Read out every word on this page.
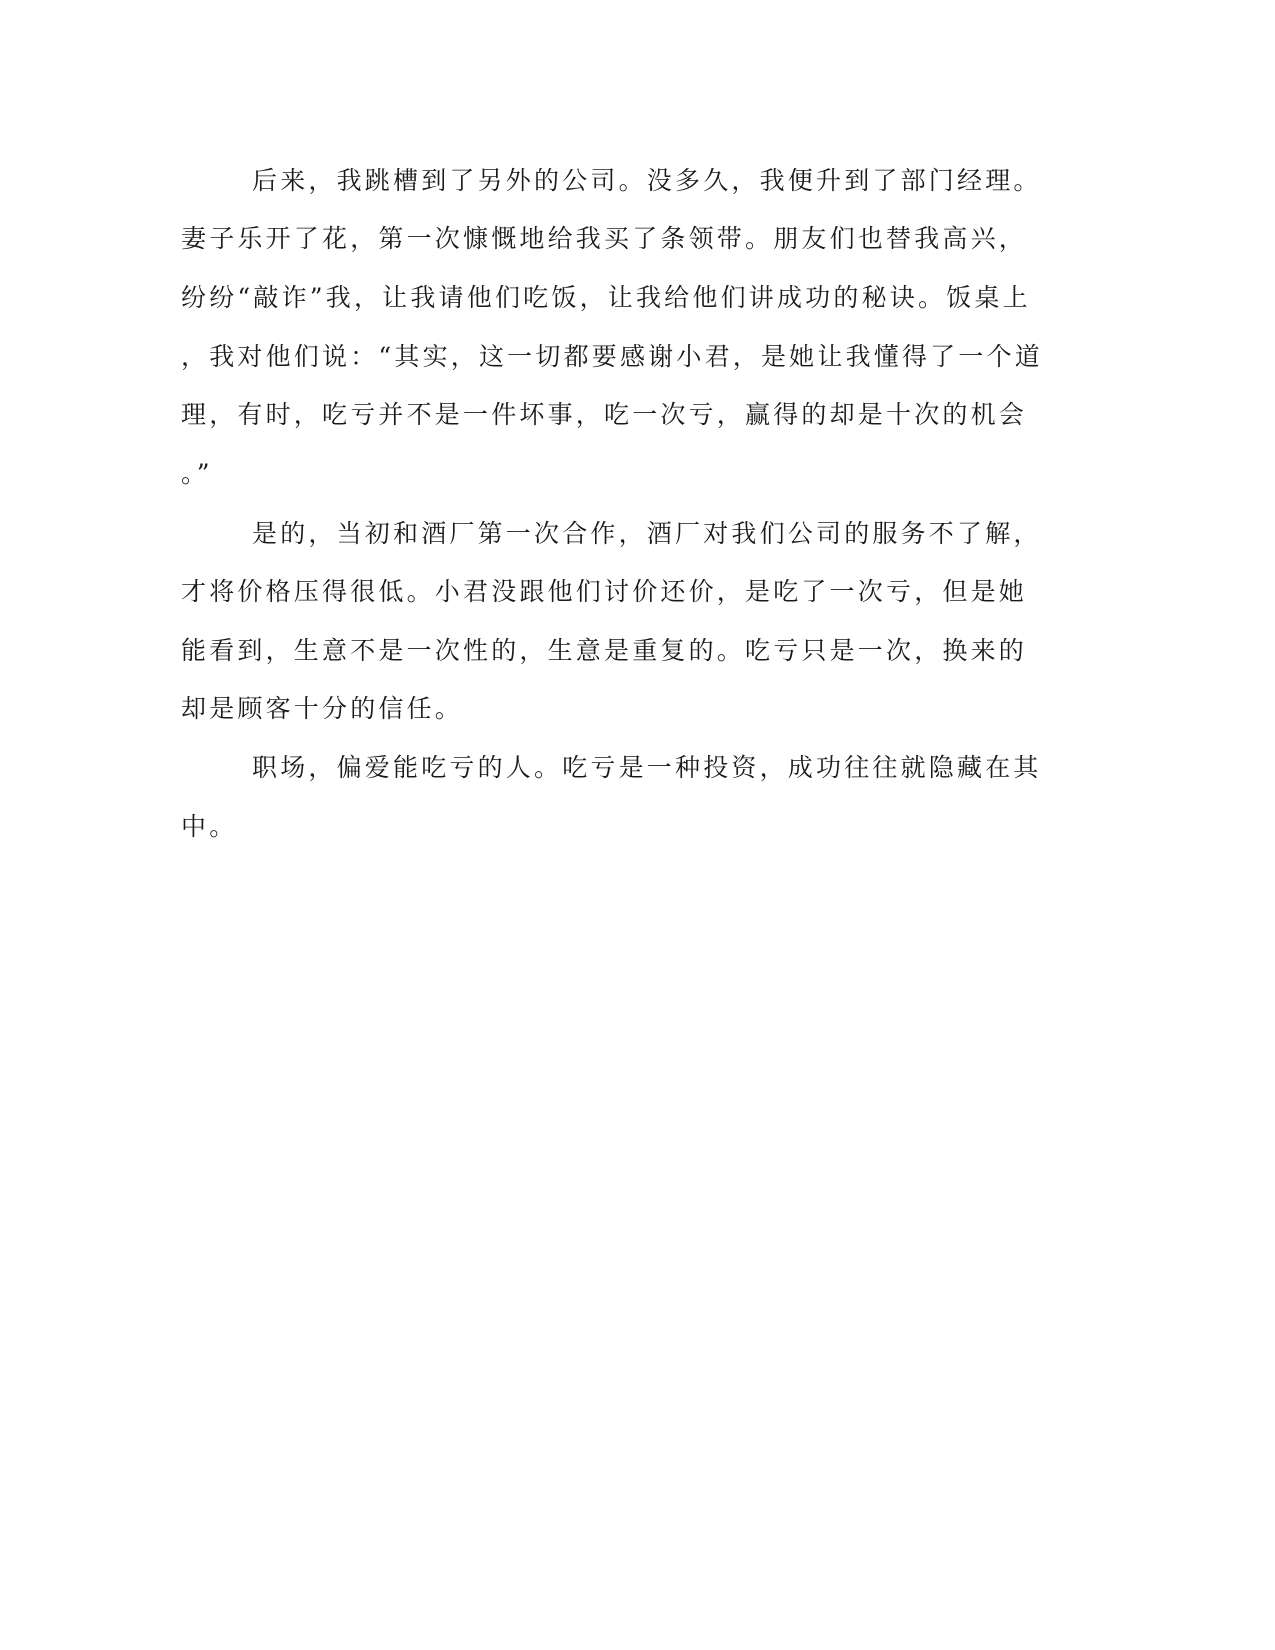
后来，我跳槽到了另外的公司。没多久，我便升到了部门经理。
妻子乐开了花，第一次慷慨地给我买了条领带。朋友们也替我高兴，
纷纷“敲诈”我，让我请他们吃饭，让我给他们讲成功的秘诀。饭桌上
，我对他们说：“其实，这一切都要感谢小君，是她让我懂得了一个道
理，有时，吃亏并不是一件坏事，吃一次亏，赢得的却是十次的机会
。”
是的，当初和酒厂第一次合作，酒厂对我们公司的服务不了解，
才将价格压得很低。小君没跟他们讨价还价，是吃了一次亏，但是她
能看到，生意不是一次性的，生意是重复的。吃亏只是一次，换来的
却是顾客十分的信任。
职场，偏爱能吃亏的人。吃亏是一种投资，成功往往就隐藏在其
中。
